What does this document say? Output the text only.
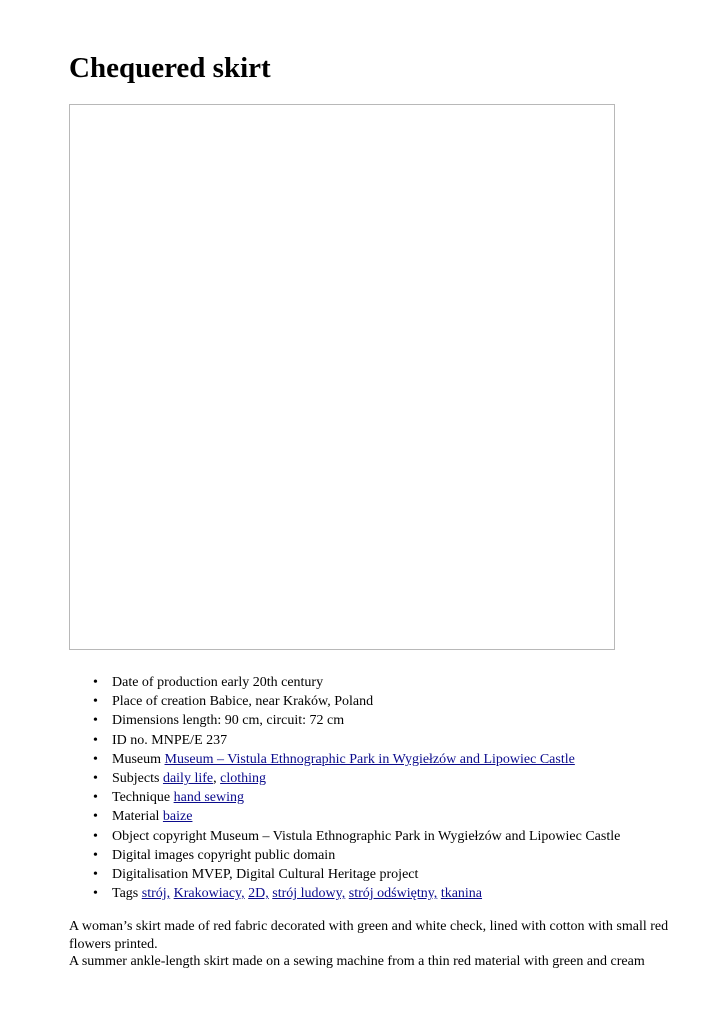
Chequered skirt
• Date of production early 20th century
• Place of creation Babice, near Kraków, Poland
• Dimensions length: 90 cm, circuit: 72 cm
• ID no. MNPE/E 237
• Museum Museum – Vistula Ethnographic Park in Wygiełzów and Lipowiec Castle
• Subjects daily life, clothing
• Technique hand sewing
• Material baize
• Object copyright Museum – Vistula Ethnographic Park in Wygiełzów and Lipowiec Castle
• Digital images copyright public domain
• Digitalisation MVEP, Digital Cultural Heritage project
• Tags strój, Krakowiacy, 2D, strój ludowy, strój odświętny, tkanina

A woman’s skirt made of red fabric decorated with green and white check, lined with cotton with small red flowers printed.

A summer ankle-length skirt made on a sewing machine from a thin red material with green and cream
